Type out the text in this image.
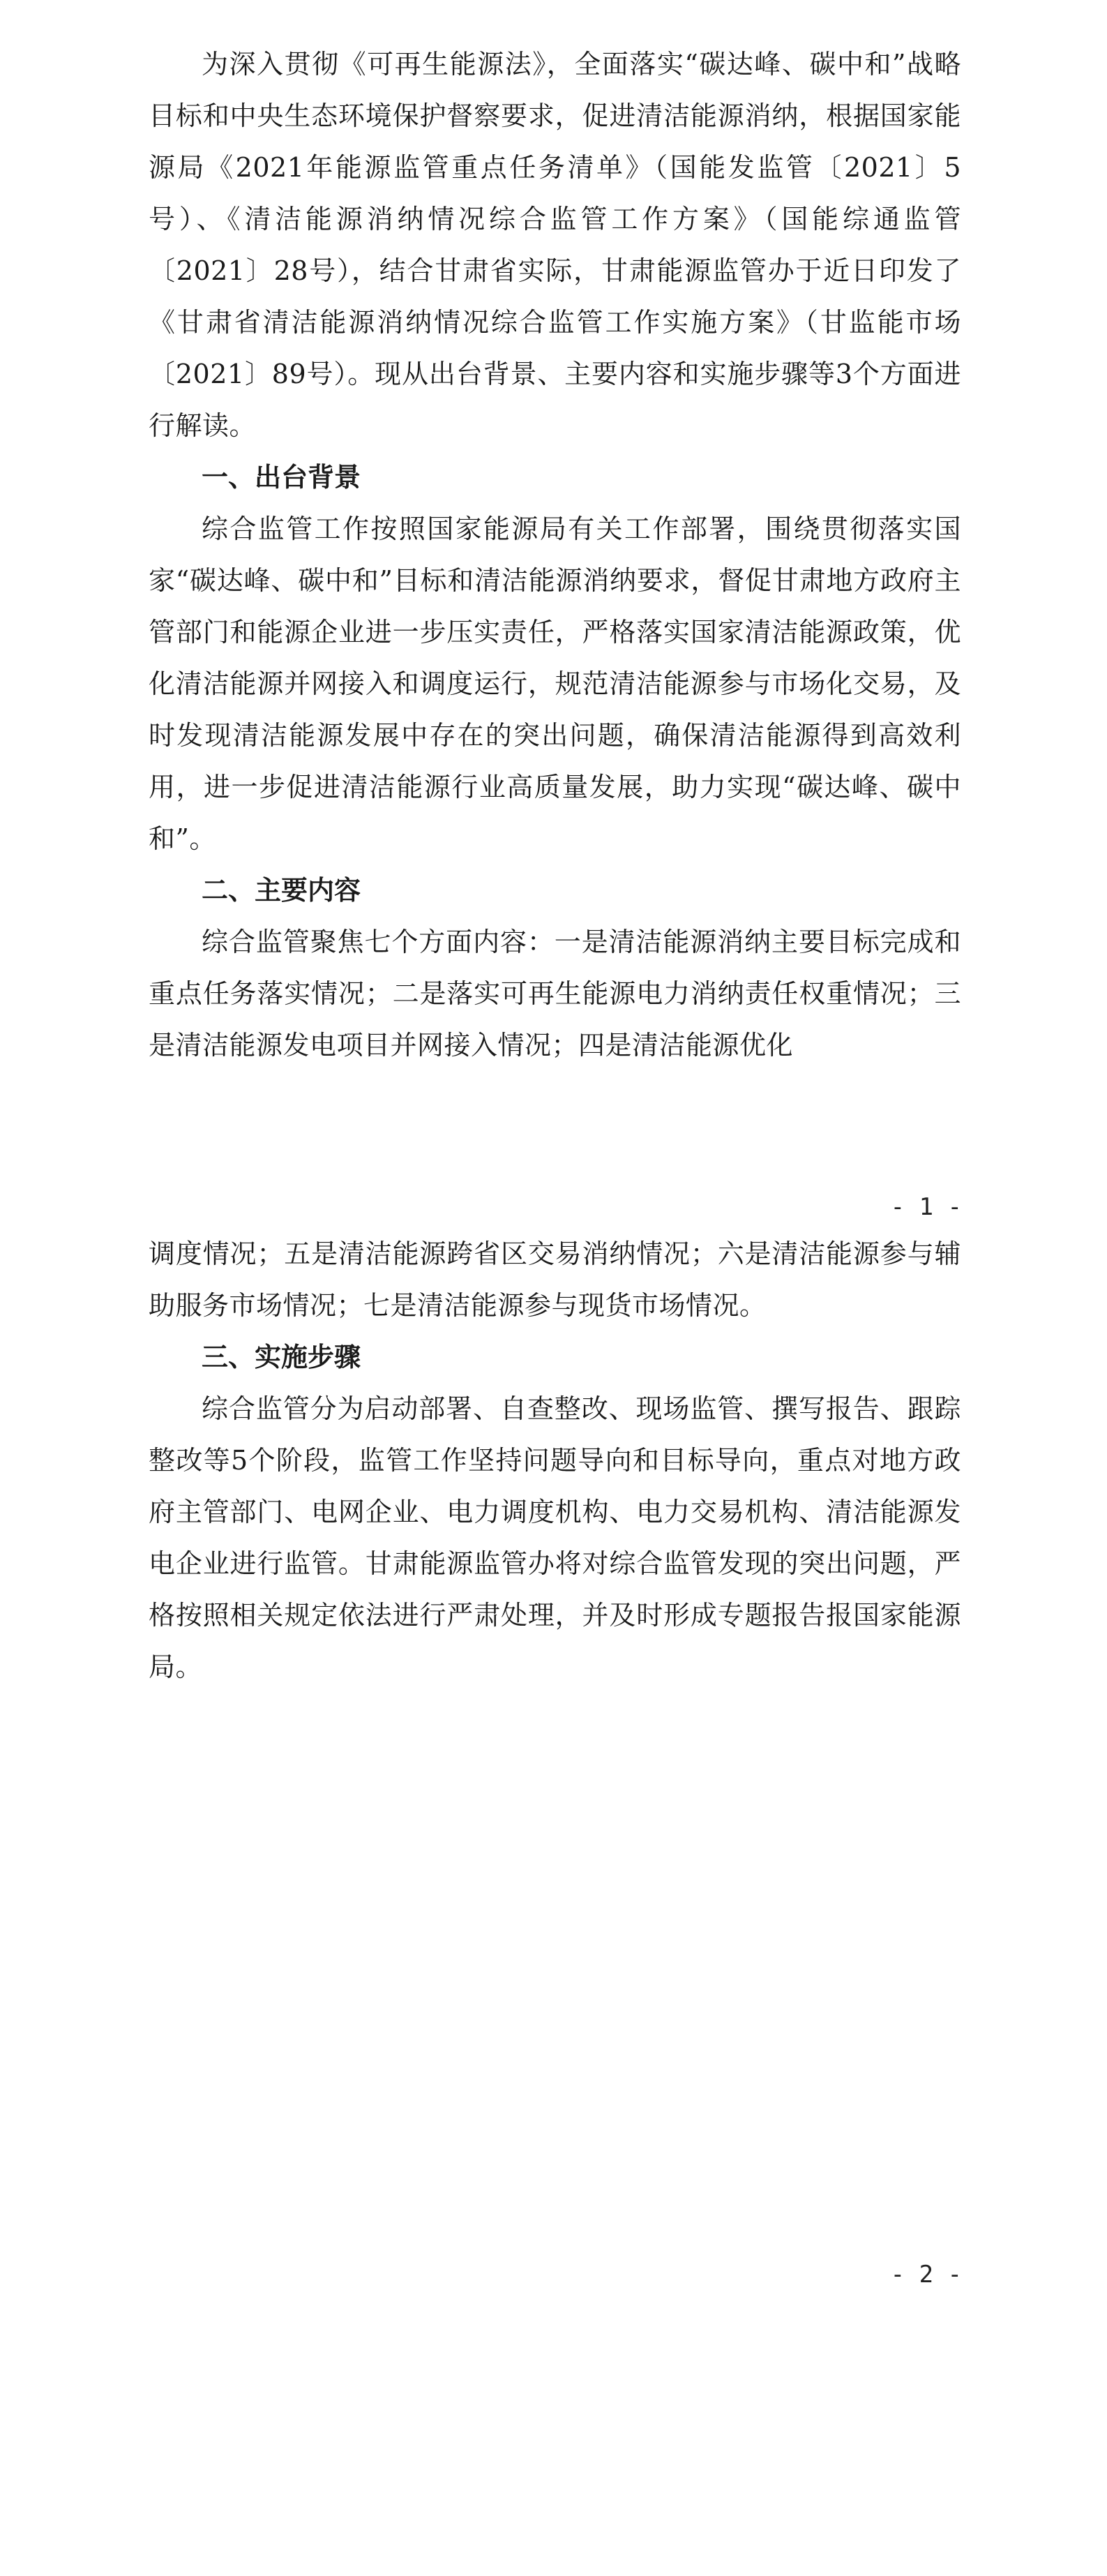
为深入贯彻《可再生能源法》，全面落实“碳达峰、碳中和”战略目标和中央生态环境保护督察要求，促进清洁能源消纳，根据国家能源局《2021年能源监管重点任务清单》（国能发监管〔2021〕5号）、《清洁能源消纳情况综合监管工作方案》（国能综通监管〔2021〕28号），结合甘肃省实际，甘肃能源监管办于近日印发了《甘肃省清洁能源消纳情况综合监管工作实施方案》（甘监能市场〔2021〕89号）。现从出台背景、主要内容和实施步骤等3个方面进行解读。

一、出台背景

综合监管工作按照国家能源局有关工作部署，围绕贯彻落实国家“碳达峰、碳中和”目标和清洁能源消纳要求，督促甘肃地方政府主管部门和能源企业进一步压实责任，严格落实国家清洁能源政策，优化清洁能源并网接入和调度运行，规范清洁能源参与市场化交易，及时发现清洁能源发展中存在的突出问题，确保清洁能源得到高效利用，进一步促进清洁能源行业高质量发展，助力实现“碳达峰、碳中和”。

二、主要内容

综合监管聚焦七个方面内容：一是清洁能源消纳主要目标完成和重点任务落实情况；二是落实可再生能源电力消纳责任权重情况；三是清洁能源发电项目并网接入情况；四是清洁能源优化

- 1 -

调度情况；五是清洁能源跨省区交易消纳情况；六是清洁能源参与辅助服务市场情况；七是清洁能源参与现货市场情况。

三、实施步骤

综合监管分为启动部署、自查整改、现场监管、撰写报告、跟踪整改等5个阶段，监管工作坚持问题导向和目标导向，重点对地方政府主管部门、电网企业、电力调度机构、电力交易机构、清洁能源发电企业进行监管。甘肃能源监管办将对综合监管发现的突出问题，严格按照相关规定依法进行严肃处理，并及时形成专题报告报国家能源局。

- 2 -
